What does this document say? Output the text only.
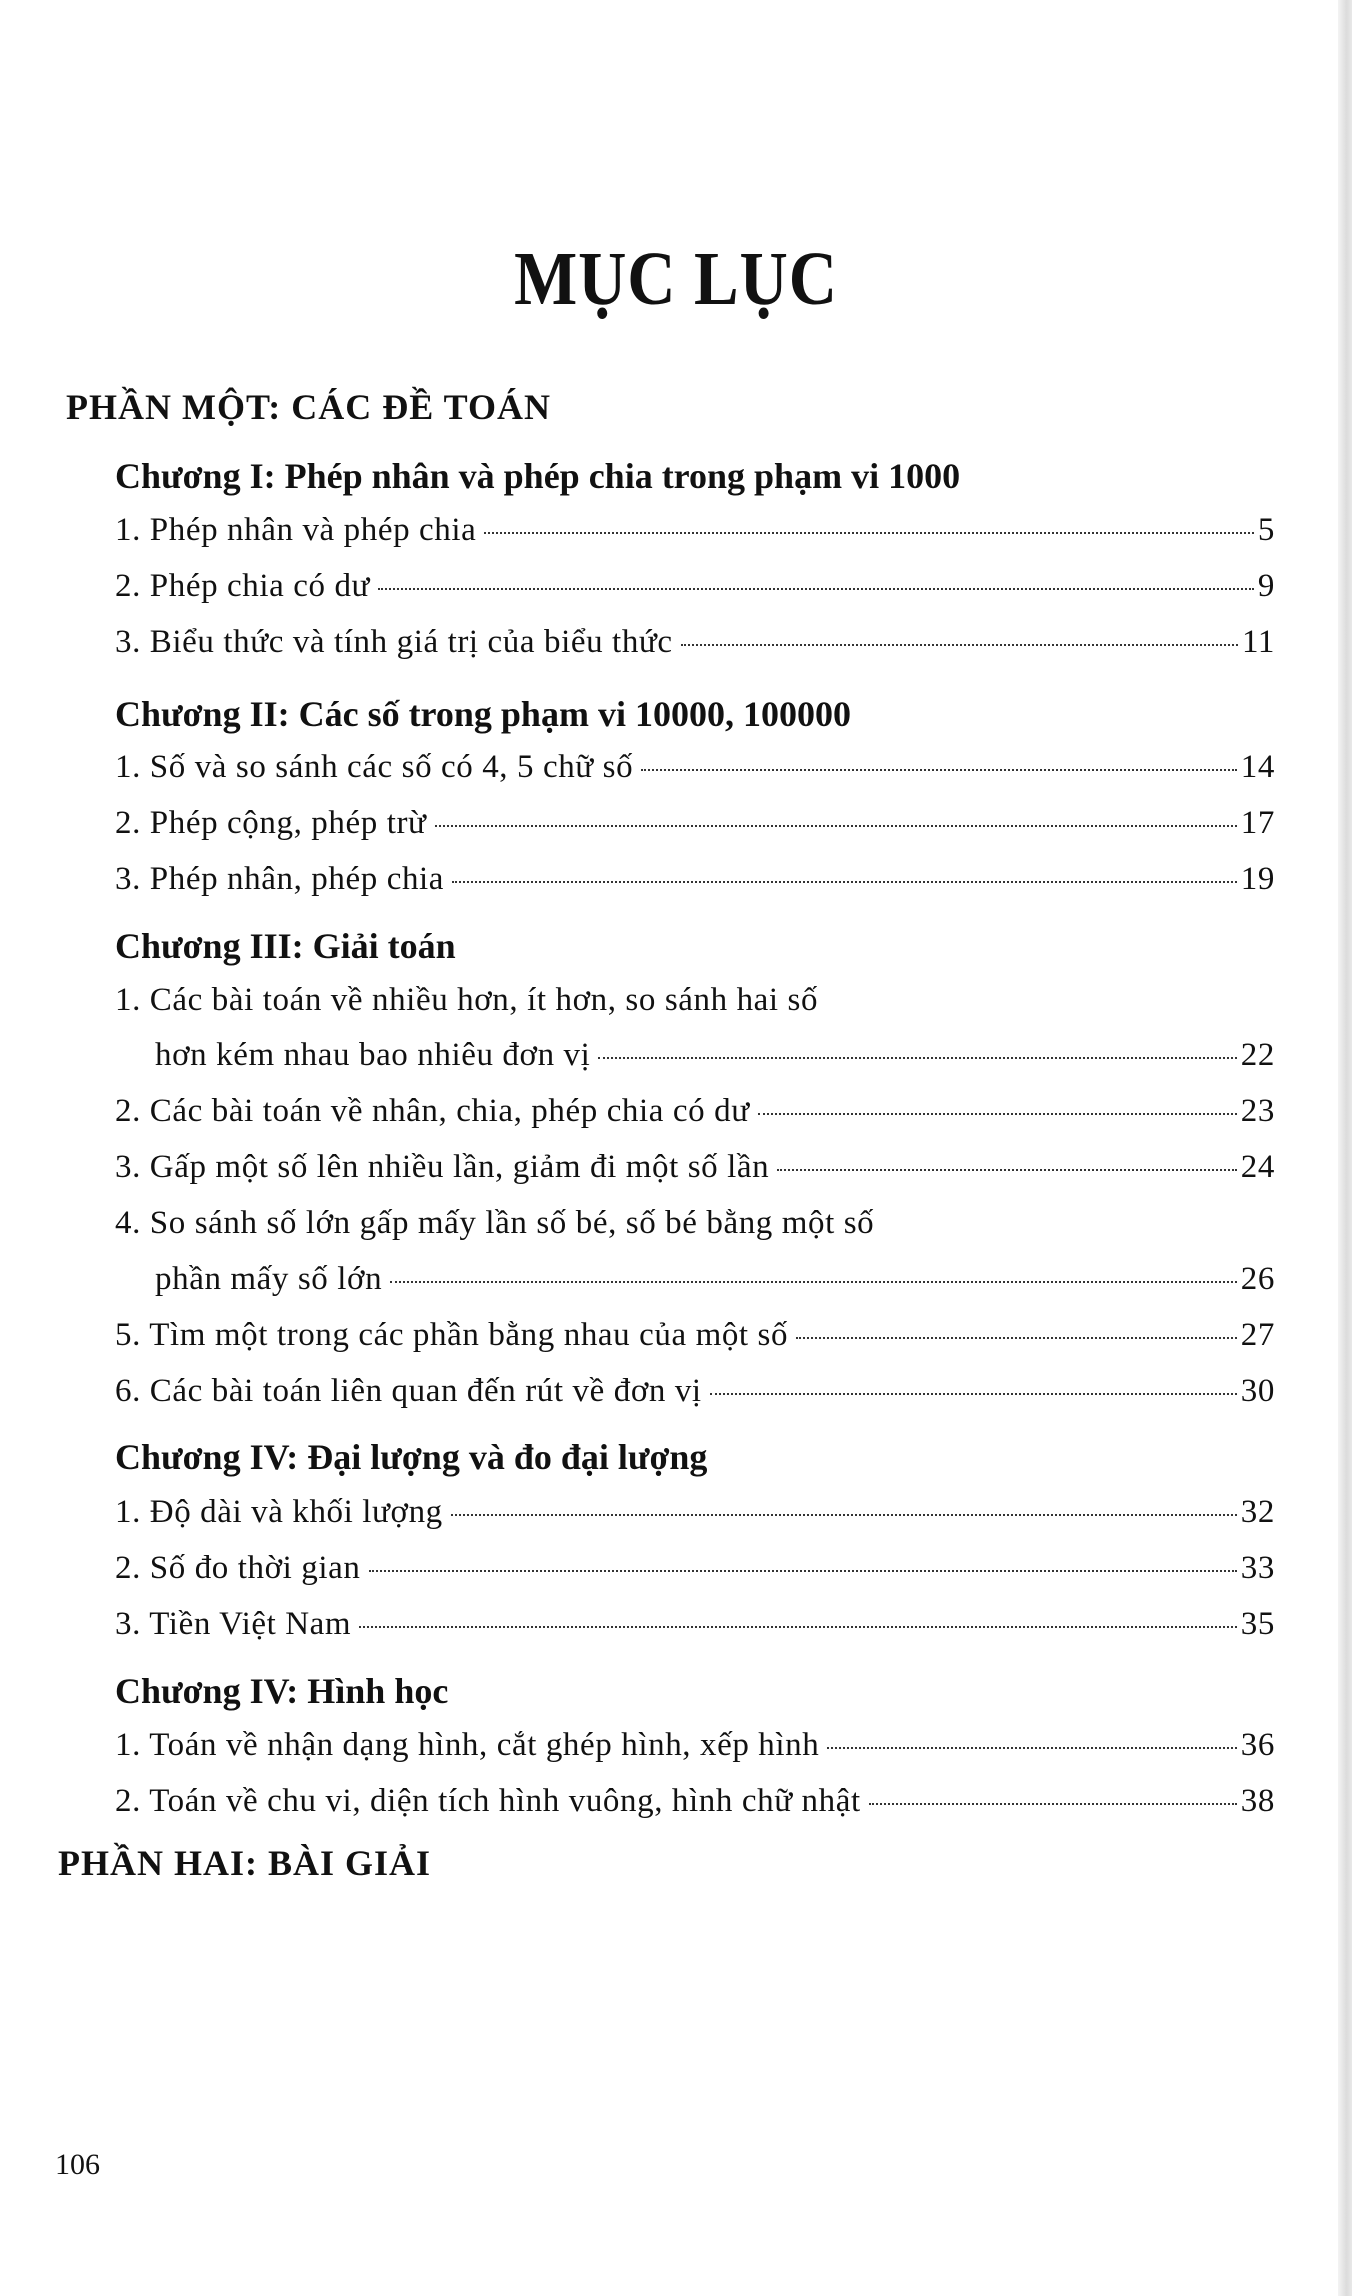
MỤC LỤC
PHẦN MỘT: CÁC ĐỀ TOÁN
Chương I: Phép nhân và phép chia trong phạm vi 1000
1. Phép nhân và phép chia	5
2. Phép chia có dư	9
3. Biểu thức và tính giá trị của biểu thức	11
Chương II: Các số trong phạm vi 10000, 100000
1. Số và so sánh các số có 4, 5 chữ số	14
2. Phép cộng, phép trừ	17
3. Phép nhân, phép chia	19
Chương III: Giải toán
1. Các bài toán về nhiều hơn, ít hơn, so sánh hai số
hơn kém nhau bao nhiêu đơn vị	22
2. Các bài toán về nhân, chia, phép chia có dư	23
3. Gấp một số lên nhiều lần, giảm đi một số lần	24
4. So sánh số lớn gấp mấy lần số bé, số bé bằng một số
phần mấy số lớn	26
5. Tìm một trong các phần bằng nhau của một số	27
6. Các bài toán liên quan đến rút về đơn vị	30
Chương IV: Đại lượng và đo đại lượng
1. Độ dài và khối lượng	32
2. Số đo thời gian	33
3. Tiền Việt Nam	35
Chương IV: Hình học
1. Toán về nhận dạng hình, cắt ghép hình, xếp hình	36
2. Toán về chu vi, diện tích hình vuông, hình chữ nhật	38
PHẦN HAI: BÀI GIẢI
106
